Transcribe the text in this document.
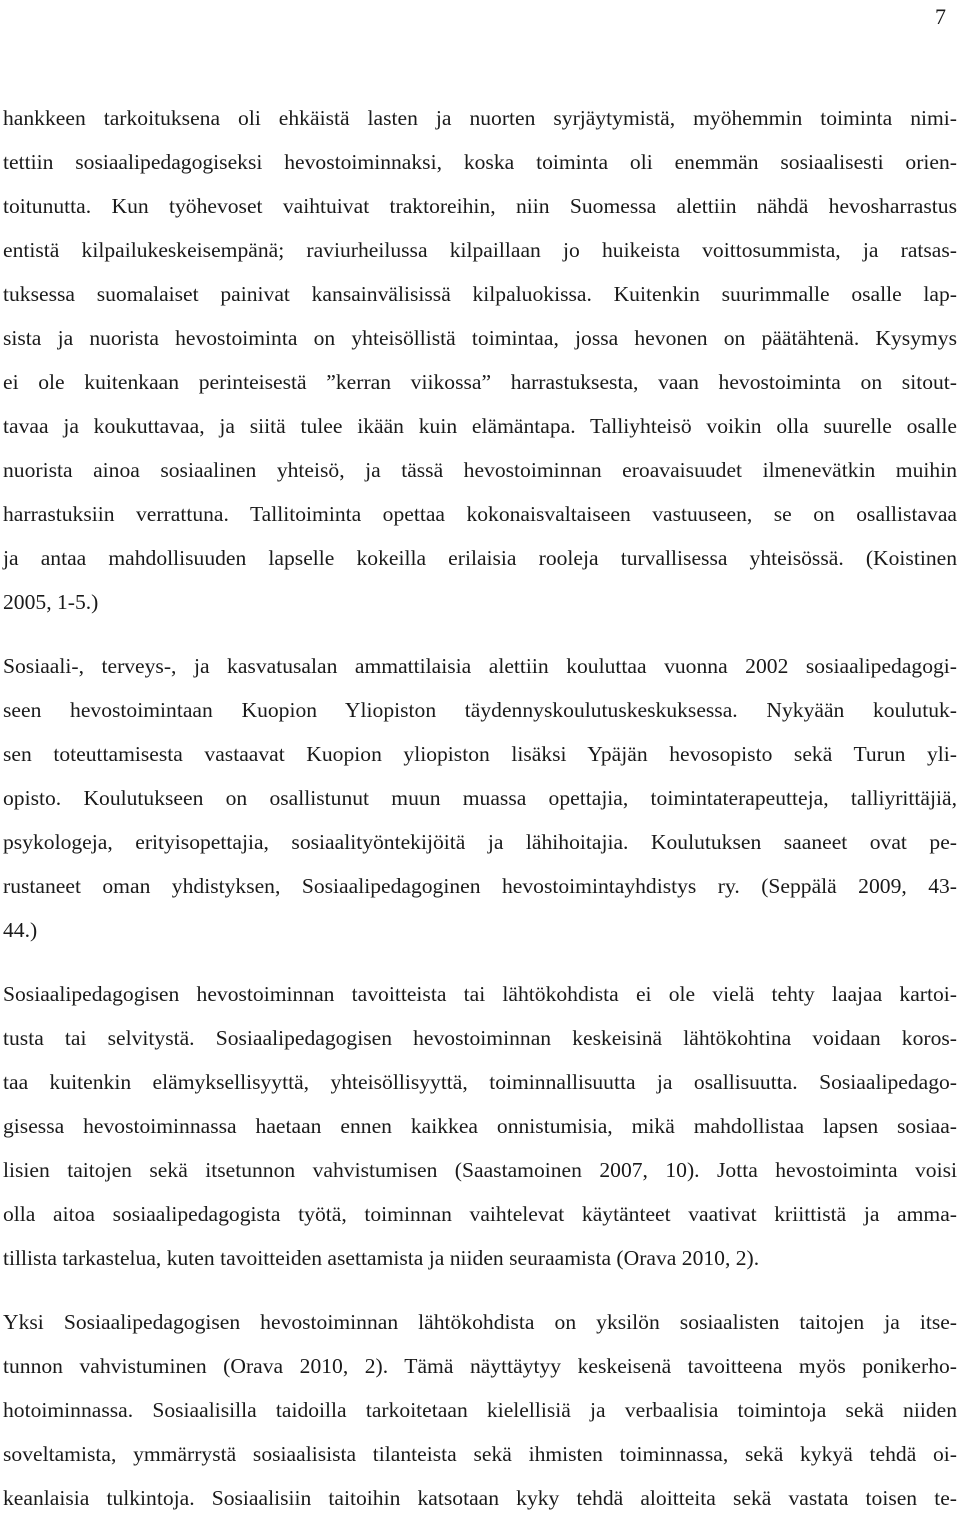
7
hankkeen tarkoituksena oli ehkäistä lasten ja nuorten syrjäytymistä, myöhemmin toiminta nimi-
tettiin sosiaalipedagogiseksi hevostoiminnaksi, koska toiminta oli enemmän sosiaalisesti orien-
toitunutta. Kun työhevoset vaihtuivat traktoreihin, niin Suomessa alettiin nähdä hevosharrastus
entistä kilpailukeskeisempänä; raviurheilussa kilpaillaan jo huikeista voittosummista, ja ratsas-
tuksessa suomalaiset painivat kansainvälisissä kilpaluokissa. Kuitenkin suurimmalle osalle lap-
sista ja nuorista hevostoiminta on yhteisöllistä toimintaa, jossa hevonen on päätähtenä. Kysymys
ei ole kuitenkaan perinteisestä ”kerran viikossa” harrastuksesta, vaan hevostoiminta on sitout-
tavaa ja koukuttavaa, ja siitä tulee ikään kuin elämäntapa. Talliyhteisö voikin olla suurelle osalle
nuorista ainoa sosiaalinen yhteisö, ja tässä hevostoiminnan eroavaisuudet ilmenevätkin muihin
harrastuksiin verrattuna. Tallitoiminta opettaa kokonaisvaltaiseen vastuuseen, se on osallistavaa
ja antaa mahdollisuuden lapselle kokeilla erilaisia rooleja turvallisessa yhteisössä. (Koistinen
2005, 1-5.)
Sosiaali-, terveys-, ja kasvatusalan ammattilaisia alettiin kouluttaa vuonna 2002 sosiaalipedagogi-
seen hevostoimintaan Kuopion Yliopiston täydennyskoulutuskeskuksessa. Nykyään koulutuk-
sen toteuttamisesta vastaavat Kuopion yliopiston lisäksi Ypäjän hevosopisto sekä Turun yli-
opisto. Koulutukseen on osallistunut muun muassa opettajia, toimintaterapeutteja, talliyrittäjiä,
psykologeja, erityisopettajia, sosiaalityöntekijöitä ja lähihoitajia. Koulutuksen saaneet ovat pe-
rustaneet oman yhdistyksen, Sosiaalipedagoginen hevostoimintayhdistys ry. (Seppälä 2009, 43-
44.)
Sosiaalipedagogisen hevostoiminnan tavoitteista tai lähtökohdista ei ole vielä tehty laajaa kartoi-
tusta tai selvitystä. Sosiaalipedagogisen hevostoiminnan keskeisinä lähtökohtina voidaan koros-
taa kuitenkin elämyksellisyyttä, yhteisöllisyyttä, toiminnallisuutta ja osallisuutta. Sosiaalipedago-
gisessa hevostoiminnassa haetaan ennen kaikkea onnistumisia, mikä mahdollistaa lapsen sosiaa-
lisien taitojen sekä itsetunnon vahvistumisen (Saastamoinen 2007, 10). Jotta hevostoiminta voisi
olla aitoa sosiaalipedagogista työtä, toiminnan vaihtelevat käytänteet vaativat kriittistä ja amma-
tillista tarkastelua, kuten tavoitteiden asettamista ja niiden seuraamista (Orava 2010, 2).
Yksi Sosiaalipedagogisen hevostoiminnan lähtökohdista on yksilön sosiaalisten taitojen ja itse-
tunnon vahvistuminen (Orava 2010, 2). Tämä näyttäytyy keskeisenä tavoitteena myös ponikerho-
hotoiminnassa. Sosiaalisilla taidoilla tarkoitetaan kielellisiä ja verbaalisia toimintoja sekä niiden
soveltamista, ymmärrystä sosiaalisista tilanteista sekä ihmisten toiminnassa, sekä kykyä tehdä oi-
keanlaisia tulkintoja. Sosiaalisiin taitoihin katsotaan kyky tehdä aloitteita sekä vastata toisen te-
